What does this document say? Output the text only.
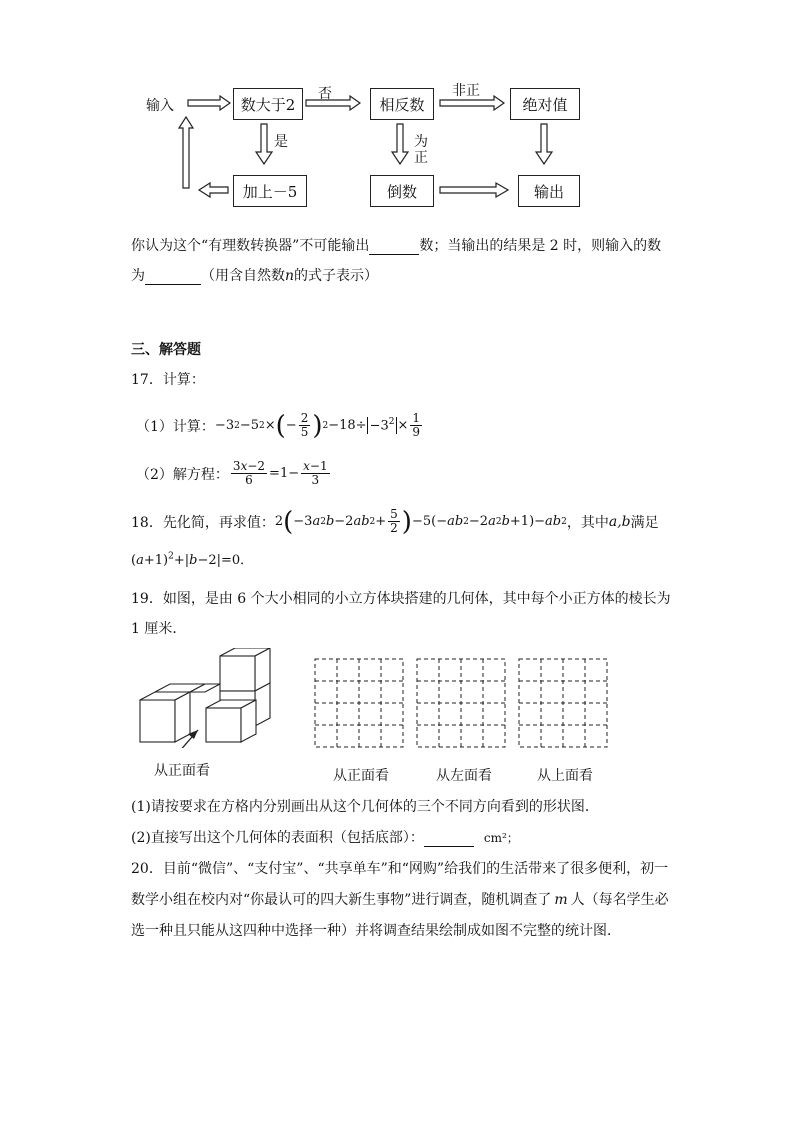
输入	数大于2
否
相反数
非正
绝对值
是	为
正
加上－5	倒数	输出
你认为这个“有理数转换器”不可能输出	数；当输出的结果是 2 时，则输入的数
为	（用含自然数n的式子表示）
三、解答题
17．计算：
（1）计算： −3 2 −5 2 × ( − $\frac{2}{5}$ ) $2 -18\div -3^2 \times \frac{1}{9}$
（2）解方程： $\frac{3x-2}{6} =1- \frac{x-1}{3}$
18．先化简，再求值： 2 ( −3 a 2 b −2 ab $2 + \frac{5}{2}$ ) −5(− ab 2 −2 a 2 b +1)− ab 2 ，其中 a,b 满足
$(a+1)^2+|b-2|=0$．
19．如图，是由 6 个大小相同的小立方体块搭建的几何体，其中每个小正方体的棱长为
1 厘米．
从正面看	从正面看	从左面看	从上面看
(1)请按要求在方格内分别画出从这个几何体的三个不同方向看到的形状图．
(2)直接写出这个几何体的表面积（包括底部）：	cm²；
20．目前“微信”、“支付宝”、“共享单车”和“网购”给我们的生活带来了很多便利，初一
数学小组在校内对“你最认可的四大新生事物”进行调查，随机调查了 m 人（每名学生必
选一种且只能从这四种中选择一种）并将调查结果绘制成如图不完整的统计图．
